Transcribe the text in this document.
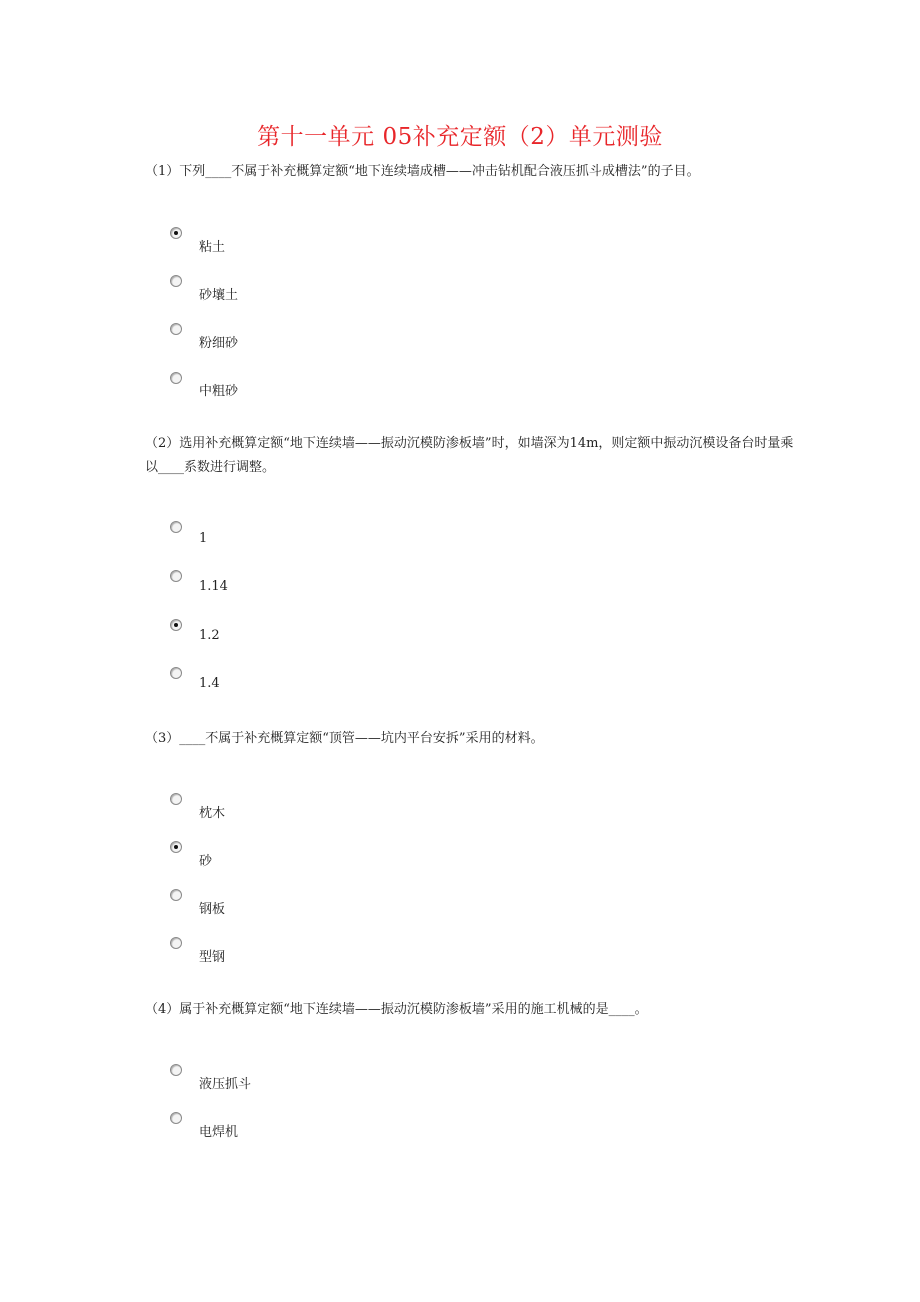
第十一单元 05补充定额（2）单元测验
（1）下列____不属于补充概算定额“地下连续墙成槽——冲击钻机配合液压抓斗成槽法”的子目。
粘土
砂壤土
粉细砂
中粗砂
（2）选用补充概算定额“地下连续墙——振动沉模防渗板墙”时，如墙深为14m，则定额中振动沉模设备台时量乘以____系数进行调整。
1
1.14
1.2
1.4
（3）____不属于补充概算定额“顶管——坑内平台安拆”采用的材料。
枕木
砂
钢板
型钢
（4）属于补充概算定额“地下连续墙——振动沉模防渗板墙”采用的施工机械的是____。
液压抓斗
电焊机
